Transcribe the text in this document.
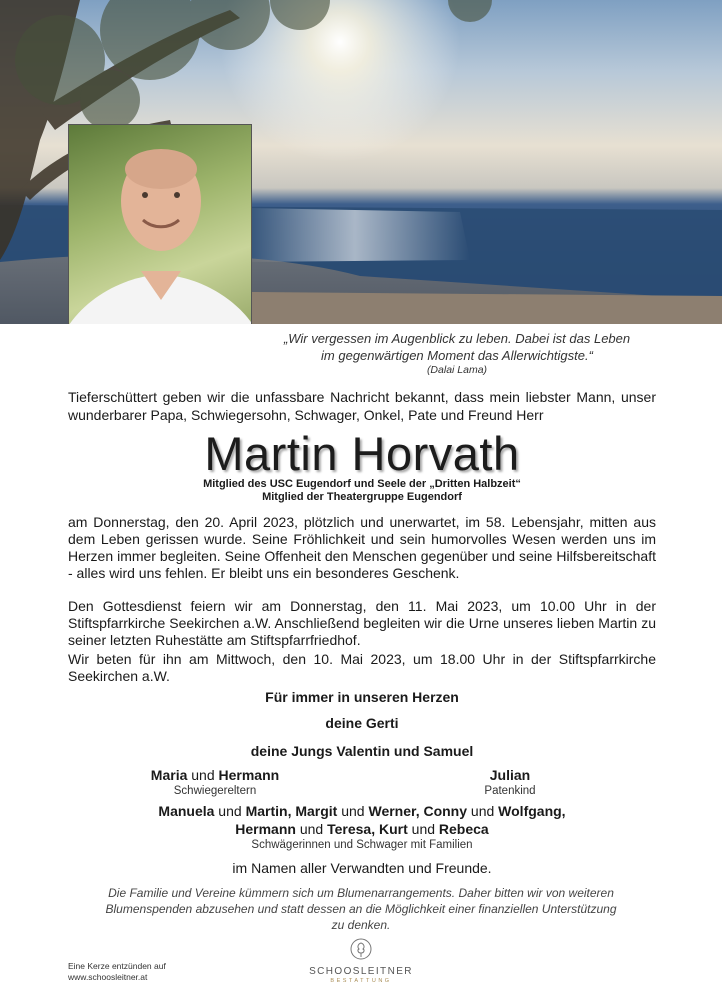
„Wir vergessen im Augenblick zu leben. Dabei ist das Leben
im gegenwärtigen Moment das Allerwichtigste.“
(Dalai Lama)
Tieferschüttert geben wir die unfassbare Nachricht bekannt, dass mein liebster Mann, unser wunderbarer Papa, Schwiegersohn, Schwager, Onkel, Pate und Freund Herr
Martin Horvath
Mitglied des USC Eugendorf und Seele der „Dritten Halbzeit“
Mitglied der Theatergruppe Eugendorf
am Donnerstag, den 20. April 2023, plötzlich und unerwartet, im 58. Lebensjahr, mitten aus dem Leben gerissen wurde. Seine Fröhlichkeit und sein humorvolles Wesen werden uns im Herzen immer begleiten. Seine Offenheit den Menschen gegenüber und seine Hilfsbereitschaft - alles wird uns fehlen. Er bleibt uns ein besonderes Geschenk.
Den Gottesdienst feiern wir am Donnerstag, den 11. Mai 2023, um 10.00 Uhr in der Stiftspfarrkirche Seekirchen a.W. Anschließend begleiten wir die Urne unseres lieben Martin zu seiner letzten Ruhestätte am Stiftspfarrfriedhof.
Wir beten für ihn am Mittwoch, den 10. Mai 2023, um 18.00 Uhr in der Stiftspfarrkirche Seekirchen a.W.
Für immer in unseren Herzen
deine Gerti
deine Jungs Valentin und Samuel
Maria und Hermann
Schwiegereltern
Julian
Patenkind
Manuela und Martin, Margit und Werner, Conny und Wolfgang,
Hermann und Teresa, Kurt und Rebeca
Schwägerinnen und Schwager mit Familien
im Namen aller Verwandten und Freunde.
Die Familie und Vereine kümmern sich um Blumenarrangements. Daher bitten wir von weiteren Blumenspenden abzusehen und statt dessen an die Möglichkeit einer finanziellen Unterstützung zu denken.
Eine Kerze entzünden auf
www.schoosleitner.at	SCHOOSLEITNER
BESTATTUNG
